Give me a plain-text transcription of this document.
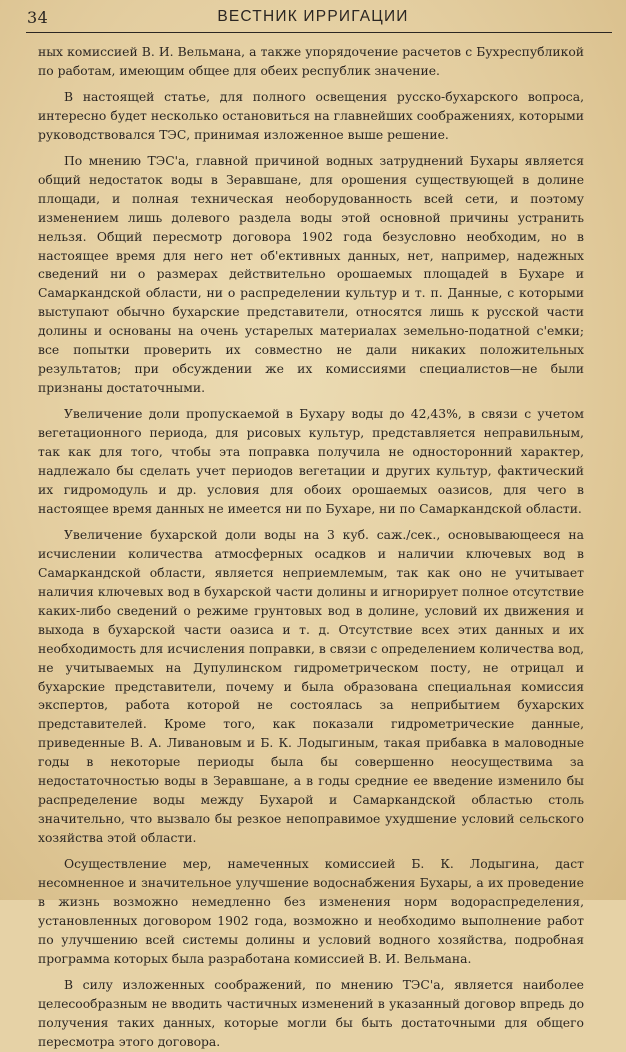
34	ВЕСТНИК ИРРИГАЦИИ

ных комиссией В. И. Вельмана, а также упорядочение расчетов с Бухреспубликой по работам, имеющим общее для обеих республик значение.

В настоящей статье, для полного освещения русско-бухарского вопроса, интересно будет несколько остановиться на главнейших соображениях, которыми руководствовался ТЭС, принимая изложенное выше решение.

По мнению ТЭС'а, главной причиной водных затруднений Бухары является общий недостаток воды в Зеравшане, для орошения существующей в долине площади, и полная техническая необорудованность всей сети, и поэтому изменением лишь долевого раздела воды этой основной причины устранить нельзя. Общий пересмотр договора 1902 года безусловно необходим, но в настоящее время для него нет об'ективных данных, нет, например, надежных сведений ни о размерах действительно орошаемых площадей в Бухаре и Самаркандской области, ни о распределении культур и т. п. Данные, с которыми выступают обычно бухарские представители, относятся лишь к русской части долины и основаны на очень устарелых материалах земельно-податной с'емки; все попытки проверить их совместно не дали никаких положительных результатов; при обсуждении же их комиссиями специалистов—не были признаны достаточными.

Увеличение доли пропускаемой в Бухару воды до 42,43%, в связи с учетом вегетационного периода, для рисовых культур, представляется неправильным, так как для того, чтобы эта поправка получила не односторонний характер, надлежало бы сделать учет периодов вегетации и других культур, фактический их гидромодуль и др. условия для обоих орошаемых оазисов, для чего в настоящее время данных не имеется ни по Бухаре, ни по Самаркандской области.

Увеличение бухарской доли воды на 3 куб. саж./сек., основывающееся на исчислении количества атмосферных осадков и наличии ключевых вод в Самаркандской области, является неприемлемым, так как оно не учитывает наличия ключевых вод в бухарской части долины и игнорирует полное отсутствие каких-либо сведений о режиме грунтовых вод в долине, условий их движения и выхода в бухарской части оазиса и т. д. Отсутствие всех этих данных и их необходимость для исчисления поправки, в связи с определением количества вод, не учитываемых на Дупулинском гидрометрическом посту, не отрицал и бухарские представители, почему и была образована специальная комиссия экспертов, работа которой не состоялась за неприбытием бухарских представителей. Кроме того, как показали гидрометрические данные, приведенные В. А. Ливановым и Б. К. Лодыгиным, такая прибавка в маловодные годы в некоторые периоды была бы совершенно неосуществима за недостаточностью воды в Зеравшане, а в годы средние ее введение изменило бы распределение воды между Бухарой и Самаркандской областью столь значительно, что вызвало бы резкое непоправимое ухудшение условий сельского хозяйства этой области.

Осуществление мер, намеченных комиссией Б. К. Лодыгина, даст несомненное и значительное улучшение водоснабжения Бухары, а их проведение в жизнь возможно немедленно без изменения норм водораспределения, установленных договором 1902 года, возможно и необходимо выполнение работ по улучшению всей системы долины и условий водного хозяйства, подробная программа которых была разработана комиссией В. И. Вельмана.

В силу изложенных соображений, по мнению ТЭС'а, является наиболее целесообразным не вводить частичных изменений в указанный договор впредь до получения таких данных, которые могли бы быть достаточными для общего пересмотра этого договора.
